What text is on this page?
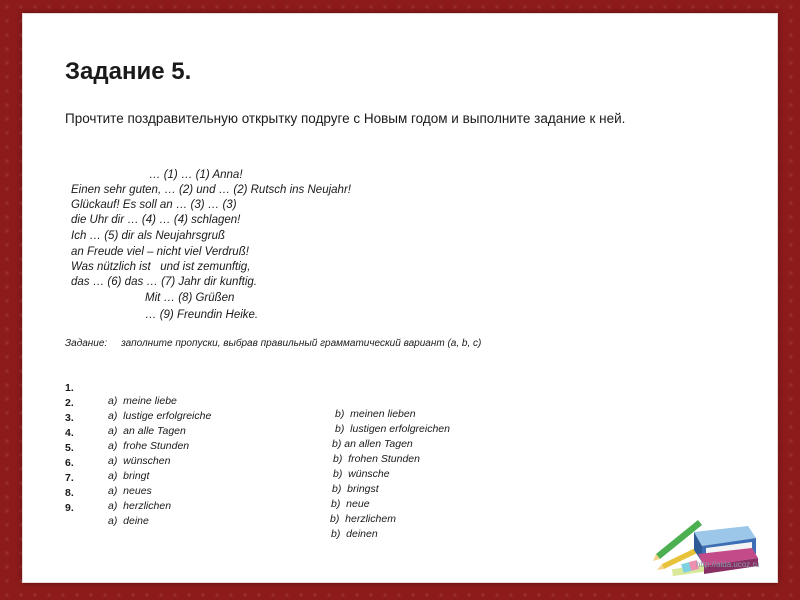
Задание 5.
Прочтите поздравительную открытку подруге с Новым годом и выполните задание к ней.
… (1) … (1) Anna!
Einen sehr guten, … (2) und … (2) Rutsch ins Neujahr!
Glückauf! Es soll an … (3) … (3)
die Uhr dir … (4) … (4) schlagen!
Ich … (5) dir als Neujahrsgruß
an Freude viel – nicht viel Verdruß!
Was nützlich ist   und ist zemunftig,
das … (6) das … (7) Jahr dir kunftig.
Mit … (8) Grüßen
… (9) Freundin Heike.
Задание: заполните пропуски, выбрав правильный грамматический вариант (a, b, c)

1.

a)  meine liebe

b)  meinen lieben

2.

a)  lustige erfolgreiche

b)  lustigen erfolgreichen

3.

a)  an alle Tagen

b) an allen Tagen

4.

a)  frohe Stunden

b)  frohen Stunden

5.

a)  wünschen

b)  wünsche

6.

a)  bringt

b)  bringst

7.

a)  neues

b)  neue

8.

a)  herzlichen

b)  herzlichem

9.

a)  deine

b)  deinen

http://aida.ucoz.ru
